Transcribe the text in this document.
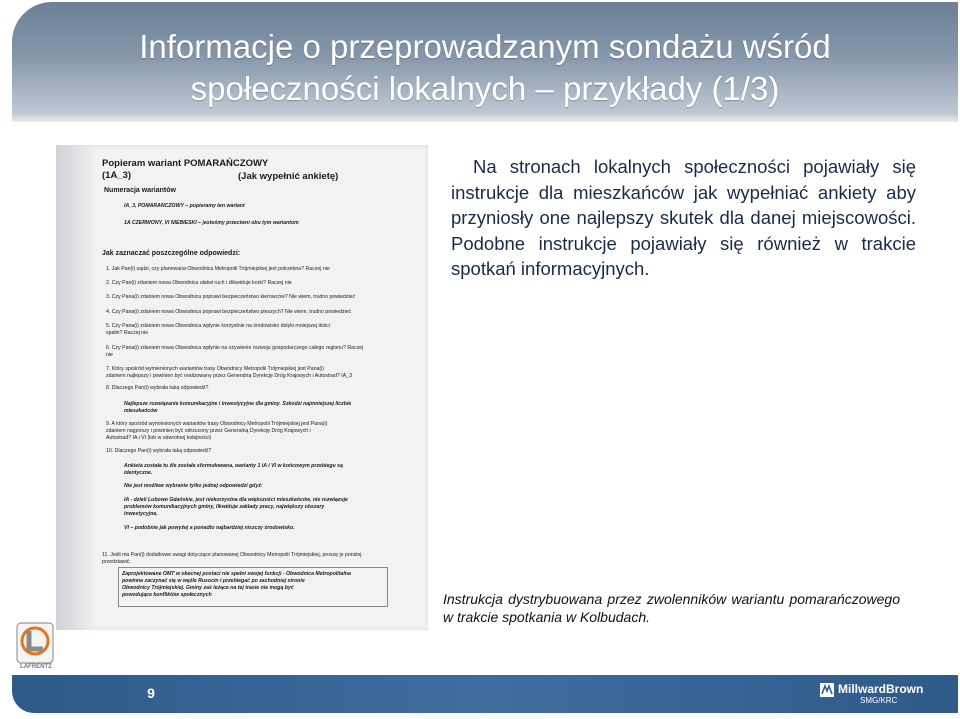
Informacje o przeprowadzanym sondażu wśród
społeczności lokalnych – przykłady (1/3)
Popieram wariant POMARAŃCZOWY
(1A_3)	(Jak wypełnić ankietę)
Numeracja wariantów
IA_3, POMARAŃCZOWY – popieramy ten wariant
1A CZERWONY, VI NIEBIESKI – jesteśmy przeciwni obu tym wariantom
Jak zaznaczać poszczególne odpowiedzi:
1. Jak Pan(i) sądzi, czy planowana Obwodnica Metropolii Trójmiejskiej jest potrzebna? Raczej nie
2. Czy Pan(i) zdaniem nowa Obwodnica ułatwi ruch i zlikwiduje korki? Raczej nie
3. Czy Pana(i) zdaniem nowa Obwodnica poprawi bezpieczeństwo kierowców? Nie wiem, trudno powiedzieć
4. Czy Pana(i) zdaniem nowa Obwodnica poprawi bezpieczeństwo pieszych? Nie wiem, trudno powiedzieć
5. Czy Pana(i) zdaniem nowa Obwodnica wpłynie korzystnie na środowisko dzięki mniejszej ilości
spalin? Raczej nie
6. Czy Pana(i) zdaniem nowa Obwodnica wpłynie na ożywienie rozwoju gospodarczego całego regionu? Raczej
nie
7. Który spośród wymienionych wariantów trasy Obwodnicy Metropolii Trójmiejskiej jest Pana(i)
zdaniem najlepszy i powinien być realizowany przez Generalną Dyrekcję Dróg Krajowych i Autostrad? IA_3
8. Dlaczego Pan(i) wybrała taką odpowiedź?
Najlepsze rozwiązanie komunikacyjne i inwestycyjne dla gminy. Szkodzi najmniejszej liczbie
mieszkańców
9. A który spośród wymienionych wariantów trasy Obwodnicy Metropolii Trójmiejskiej jest Pana(i)
zdaniem najgorszy i powinien być odrzucony przez Generalną Dyrekcję Dróg Krajowych i
Autostrad? IA i VI (lub w odwrotnej kolejności)
10. Dlaczego Pan(i) wybrała taką odpowiedź?
Ankieta została tu źle została sformułowana, warianty 1 iA i VI w końcowym przebiegu są
identyczne.
Nie jest możliwe wybranie tylko jednej odpowiedzi gdyż:
IA - dzieli Lubowo Gdańskie, jest niekorzystna dla większości mieszkańców, nie rozwiązuje
problemów komunikacyjnych gminy, likwiduje zakłady pracy, największy obszary
inwestycyjne,
VI – podobnie jak powyżej a ponadto najbardziej niszczy środowisko.
11. Jeśli ma Pan(i) dodatkowe uwagi dotyczące planowanej Obwodnicy Metropolii Trójmiejskiej, proszę je poniżej
przedstawić.
Zaprojektowane OMT w obecnej postaci nie spełni swojej funkcji - Obwodnica Metropolitalna
powinna zaczynać się w węźle Rusocin i przebiegać po zachodniej stronie
Obwodnicy Trójmiejskiej. Gminy zaś leżące na tej trasie nie mogą być
powodujące konfliktów społecznych
Na stronach lokalnych społeczności pojawiały się instrukcje dla mieszkańców jak wypełniać ankiety aby przyniosły one najlepszy skutek dla danej miejscowości. Podobne instrukcje pojawiały się również w trakcie spotkań informacyjnych.
Instrukcja dystrybuowana przez zwolenników wariantu pomarańczowego w trakcie spotkania w Kolbudach.
LAFRENTZ
9	MillwardBrown
SMG/KRC
